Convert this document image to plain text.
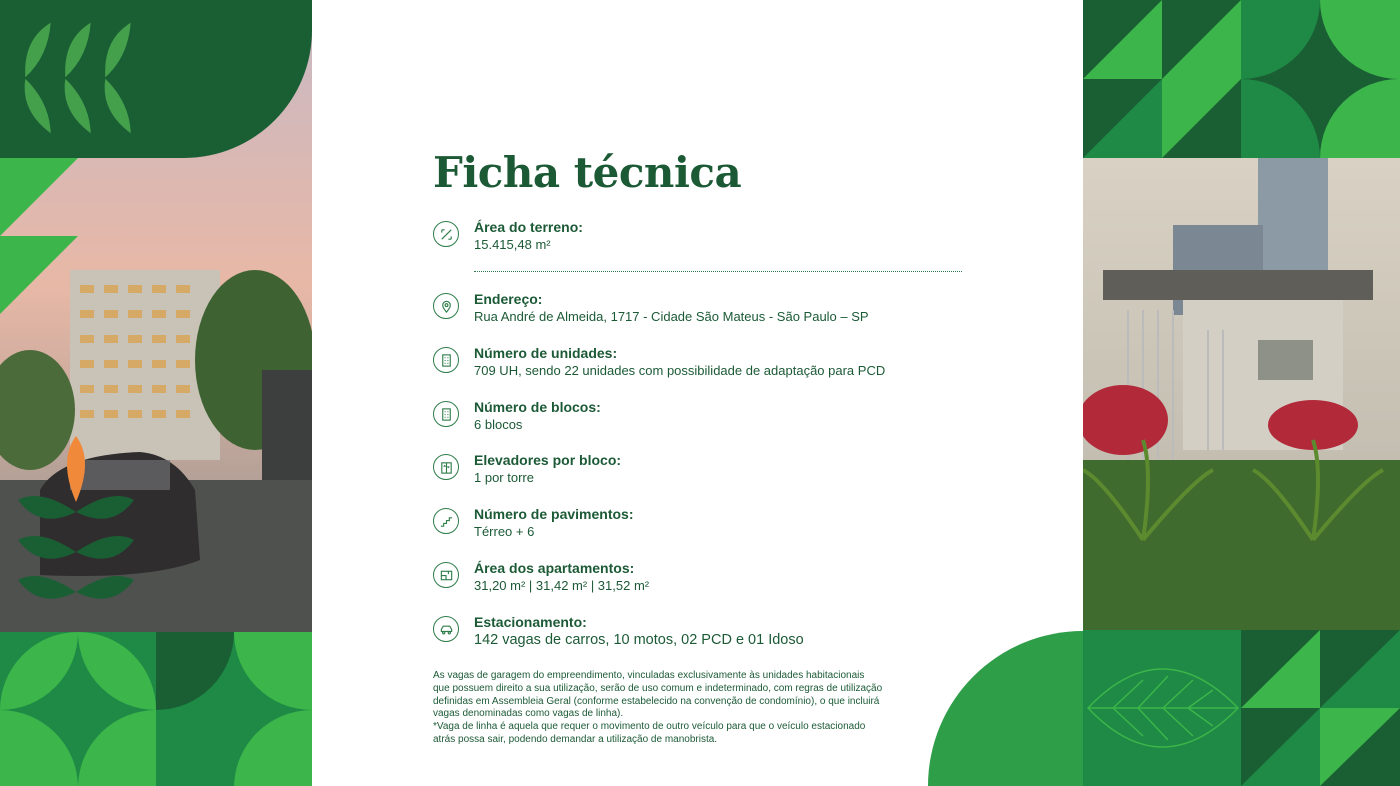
Ficha técnica
Área do terreno:
15.415,48 m²
Endereço:
Rua André de Almeida, 1717 - Cidade São Mateus - São Paulo – SP
Número de unidades:
709 UH, sendo 22 unidades com possibilidade de adaptação para PCD
Número de blocos:
6 blocos
Elevadores por bloco:
1 por torre
Número de pavimentos:
Térreo + 6
Área dos apartamentos:
31,20 m² | 31,42 m² | 31,52 m²
Estacionamento:
142 vagas de carros, 10 motos, 02 PCD e 01 Idoso

As vagas de garagem do empreendimento, vinculadas exclusivamente às unidades habitacionais que possuem direito a sua utilização, serão de uso comum e indeterminado, com regras de utilização definidas em Assembleia Geral (conforme estabelecido na convenção de condomínio), o que incluirá vagas denominadas como vagas de linha).

*Vaga de linha é aquela que requer o movimento de outro veículo para que o veículo estacionado atrás possa sair, podendo demandar a utilização de manobrista.
